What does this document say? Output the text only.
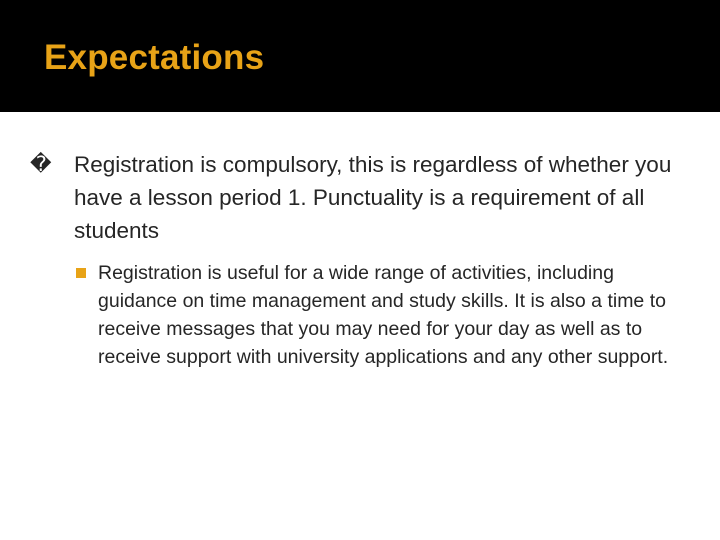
Expectations
� Registration is compulsory, this is regardless of whether you have a lesson period 1. Punctuality is a requirement of all students
Registration is useful for a wide range of activities, including guidance on time management and study skills. It is also a time to receive messages that you may need for your day as well as to receive support with university applications and any other support.
